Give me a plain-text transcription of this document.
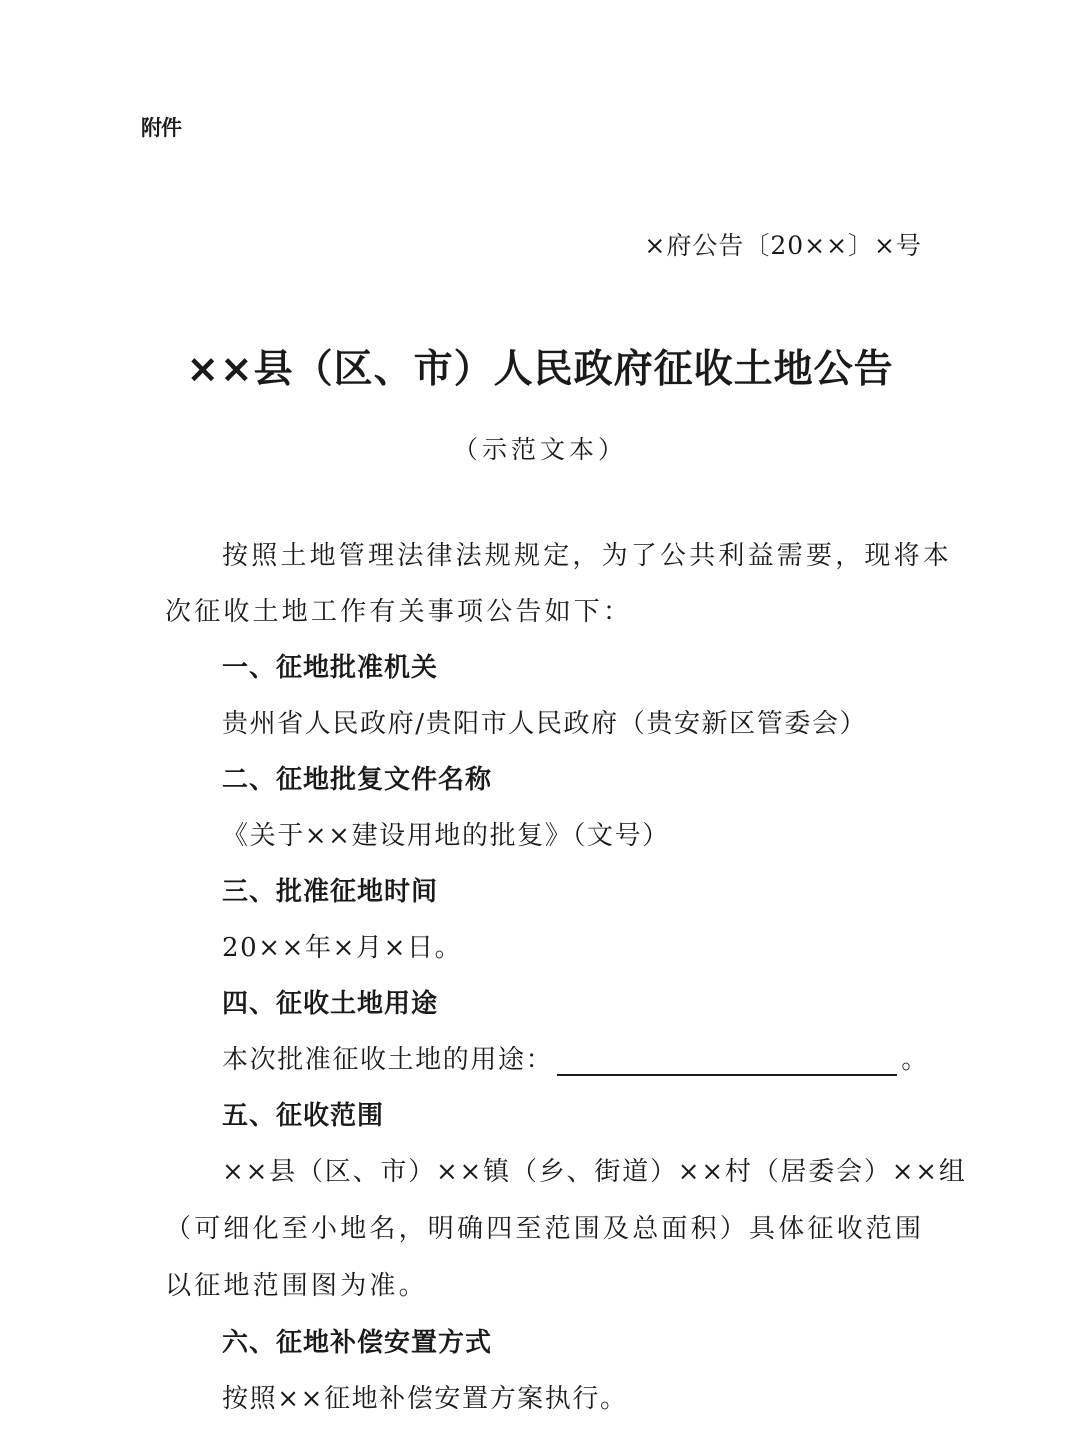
附件
×府公告〔20××〕×号
××县（区、市）人民政府征收土地公告
（示范文本）
按照土地管理法律法规规定，为了公共利益需要，现将本
次征收土地工作有关事项公告如下：
一、征地批准机关
贵州省人民政府/贵阳市人民政府（贵安新区管委会）
二、征地批复文件名称
《关于××建设用地的批复》（文号）
三、批准征地时间
20××年×月×日。
四、征收土地用途
本次批准征收土地的用途：	。
五、征收范围
××县（区、市）××镇（乡、街道）××村（居委会）××组
（可细化至小地名，明确四至范围及总面积）具体征收范围
以征地范围图为准。
六、征地补偿安置方式
按照××征地补偿安置方案执行。
